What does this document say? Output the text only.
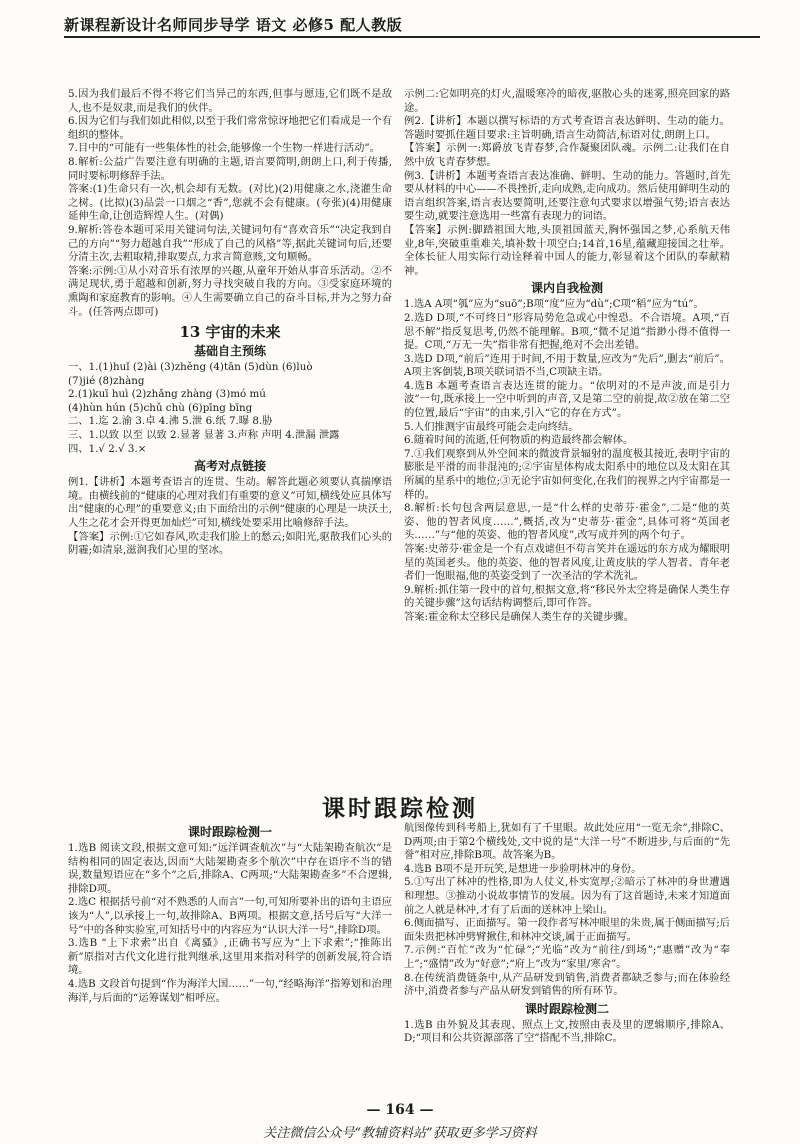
新课程新设计名师同步导学 语文 必修5 配人教版

5.因为我们最后不得不将它们当异己的东西,但事与愿违,它们既不是敌人,也不是奴隶,而是我们的伙伴。

6.因为它们与我们如此相似,以至于我们常常惊讶地把它们看成是一个有组织的整体。

7.目中的“可能有一些集体性的社会,能够像一个生物一样进行活动”。

8.解析:公益广告要注意有明确的主题,语言要简明,朗朗上口,利于传播,同时要标明修辞手法。

答案:(1)生命只有一次,机会却有无数。(对比)(2)用健康之水,浇灌生命之树。(比拟)(3)品尝一口烟之“香”,您就不会有健康。(夸张)(4)用健康延伸生命,让创造辉煌人生。(对偶)

9.解析:答卷本题可采用关键词句法,关键词句有“喜欢音乐”“决定我到自己的方向”“努力超越自我”“形成了自己的风格”等,据此关键词句后,还要分清主次,去粗取精,排取要点,力求言简意赅,文句顺畅。

答案:示例:①从小对音乐有浓厚的兴趣,从童年开始从事音乐活动。②不满足现状,勇于超越和创新,努力寻找突破自我的方向。③受家庭环境的熏陶和家庭教育的影响。④人生需要确立自己的奋斗目标,并为之努力奋斗。(任答两点即可)

13 宇宙的未来
基础自主预练

一、1.(1)huǐ (2)ài (3)zhěng (4)tān (5)dùn (6)luò

(7)jié (8)zhàng

2.(1)kuī huì (2)zhǎng zhàng (3)mó mú

(4)hùn hún (5)chǔ chù (6)pīng bīng

二、1.迄 2.渝 3.卓 4.沸 5.泄 6.纸 7.曝 8.胁

三、1.以致 以至 以致 2.显著 显著 3.声称 声明 4.泄漏 泄露

四、1.√ 2.√ 3.×

高考对点链接

例1.【讲析】本题考查语言的连贯、生动。解答此题必须要认真揣摩语境。由横线前的“健康的心理对我们有重要的意义”可知,横线处应具体写出“健康的心理”的重要意义;由下面给出的示例“健康的心理是一块沃土,人生之花才会开得更加灿烂”可知,横线处要采用比喻修辞手法。

【答案】示例:①它如春风,吹走我们脸上的愁云;如阳光,驱散我们心头的阴霾;如清泉,滋润我们心里的坚冰。

示例二:它如明亮的灯火,温暖寒冷的暗夜,驱散心头的迷雾,照亮回家的路途。

例2.【讲析】本题以撰写标语的方式考查语言表达鲜明、生动的能力。答题时要抓住题目要求:主旨明确,语言生动简洁,标语对仗,朗朗上口。

【答案】示例一:郑爵放飞青春梦,合作凝聚团队魂。示例二:让我们在自然中放飞青春梦想。

例3.【讲析】本题考查语言表达准确、鲜明、生动的能力。答题时,首先要从材料的中心——不畏挫折,走向成熟,走向成功。然后使用鲜明生动的语言组织答案,语言表达要简明,还要注意句式要求以增强气势;语言表达要生动,就要注意选用一些富有表现力的词语。

【答案】示例:脚踏祖国大地,头顶祖国蓝天,胸怀强国之梦,心系航天伟业,8年,突破重重难关,填补数十项空白;14首,16星,蕴藏迎接国之壮举。全体长征人用实际行动诠释着中国人的能力,彰显着这个团队的奉献精神。

课内自我检测

1.选A A项“瓠”应为“suō”;B项“度”应为“dù”;C项“稻”应为“tú”。

2.选D D项,“不可终日”形容局势危急或心中惶恐。不合语境。A项,“百思不解”指反复思考,仍然不能理解。B项,“微不足道”指渺小得不值得一提。C项,“万无一失”指非常有把握,绝对不会出差错。

3.选D D项,“前后”连用于时间,不用于数量,应改为“先后”,删去“前后”。A项主客倒装,B项关联词语不当,C项缺主语。

4.选B 本题考查语言表达连贯的能力。“依明对的不是声波,而是引力波”一句,既承接上一空中听到的声音,又是第二空的前提,故②放在第二空的位置,最后“宇宙”的由来,引入“它的存在方式”。

5.人们推测宇宙最终可能会走向终结。

6.随着时间的流逝,任何物质的构造最终都会解体。

7.①我们观察到从外空间来的微波背景辐射的温度极其接近,表明宇宙的膨胀是平滑的而非混沌的;②宇宙星体构成太阳系中的地位以及太阳在其所属的星系中的地位;③无论宇宙如何变化,在我们的视界之内宇宙都是一样的。

8.解析:长句包含两层意思,一是“什么样的史蒂芬·霍金”,二是“他的英姿、他的智者风度……”,概括,改为“史蒂芬·霍金”,具体可将“英国老头……”与“他的英姿、他的智者风度”,改写成并列的两个句子。

答案:史蒂芬·霍金是一个有点戏谑但不苟言笑并在遥远的东方成为耀眼明星的英国老头。他的英姿、他的智者风度,让黄皮肤的学人智者、青年老者们一饱眼福,他的英姿受到了一次圣洁的学术洗礼。

9.解析:抓住第一段中的首句,根据文意,将“移民外太空将是确保人类生存的关键步骤”这句话结构调整后,即可作答。

答案:霍金称太空移民是确保人类生存的关键步骤。

课时跟踪检测
课时跟踪检测一

1.选B 阅读文段,根据文意可知:“远洋调查航次”与“大陆架勘查航次”是结构相同的固定表达,因而“大陆架勘查多个航次”中存在语序不当的错误,数量短语应在“多个”之后,排除A、C两项;“大陆架勘查多”不合逻辑,排除D项。

2.选C 根据括号前“对不熟悉的人而言”一句,可知所要补出的语句主语应该为“人”,以承接上一句,故排除A、B两项。根据文意,括号后写“大洋一号”中的各种实验室,可知括号中的内容应为“认识大洋一号”,排除D项。

3.选B “上下求索”出自《离骚》,正确书写应为“上下求索”;“推陈出新”原指对古代文化进行批判继承,这里用来指对科学的创新发展,符合语境。

4.选B 文段首句提到“作为海洋大国……”一句,“经略海洋”指筹划和治理海洋,与后面的“运筹谋划”相呼应。

航图像传到科考船上,犹如有了千里眼。故此处应用“一览无余”,排除C、D两项;由于第2个横线处,文中说的是“大洋一号”不断进步,与后面的“先誉”相对应,排除B项。故答案为B。

4.选B B项不是开玩笑,是想进一步验明林冲的身份。

5.①写出了林冲的性格,即为人仗义,朴实宽厚;②暗示了林冲的身世遭遇和理想。③推动小说故事情节的发展。因为有了这首题诗,未来才知道面前之人就是林冲,才有了后面的送林冲上梁山。

6.侧面描写、正面描写。第一段作者写林冲眼里的朱贵,属于侧面描写;后面朱贵把林冲劈臂揪住,和林冲交谈,属于正面描写。

7.示例:“百忙”改为“忙碌”;“光临”改为“前往/到场”;“惠赠”改为“奉上”;“盛情”改为“好意”;“府上”改为“家里/寒舍”。

8.在传统消费链条中,从产品研发到销售,消费者都缺乏参与;而在体验经济中,消费者参与产品从研发到销售的所有环节。

课时跟踪检测二

1.选B 由外貌及其表现、照点上文,按照由表及里的逻辑顺序,排除A、D;“项目和公共资源部落了空”搭配不当,排除C。

— 164 —
关注微信公众号“教辅资料站”获取更多学习资料
